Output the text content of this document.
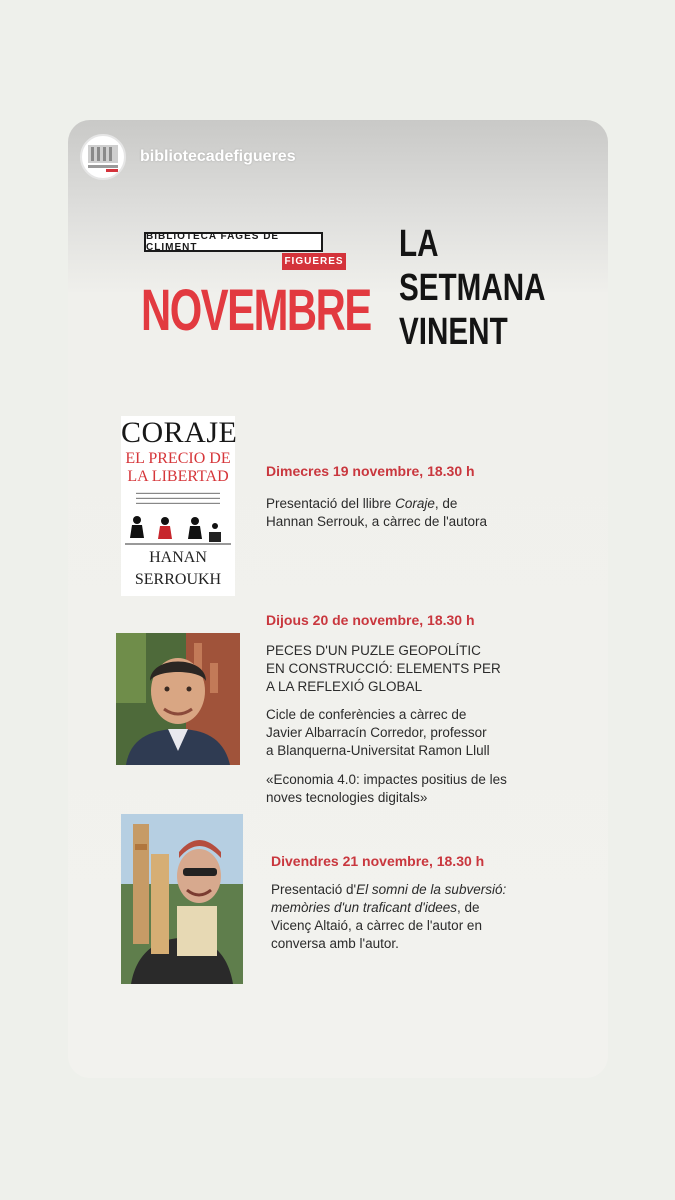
bibliotecadefigueres
BIBLIOTECA FAGES DE CLIMENT
FIGUERES
NOVEMBRE
LA
SETMANA
VINENT
CORAJE
EL PRECIO DE
LA LIBERTAD
▬▬▬▬▬▬▬▬▬▬▬▬▬▬▬▬▬▬▬▬▬ ▬▬▬▬▬▬▬▬▬▬▬▬▬▬▬▬▬▬▬▬▬ ▬▬▬▬▬▬▬▬▬▬▬▬▬▬▬▬▬▬▬▬▬
HANAN
SERROUKH
Dimecres 19 novembre, 18.30 h
Presentació del llibre Coraje, de
Hannan Serrouk, a càrrec de l'autora
Dijous 20 de novembre, 18.30 h
PECES D'UN PUZLE GEOPOLÍTIC
EN CONSTRUCCIÓ: ELEMENTS PER
A LA REFLEXIÓ GLOBAL
Cicle de conferències a càrrec de
Javier Albarracín Corredor, professor
a Blanquerna-Universitat Ramon Llull
«Economia 4.0: impactes positius de les
noves tecnologies digitals»
Divendres 21 novembre, 18.30 h
Presentació d'El somni de la subversió:
memòries d'un traficant d'idees, de
Vicenç Altaió, a càrrec de l'autor en
conversa amb l'autor.
